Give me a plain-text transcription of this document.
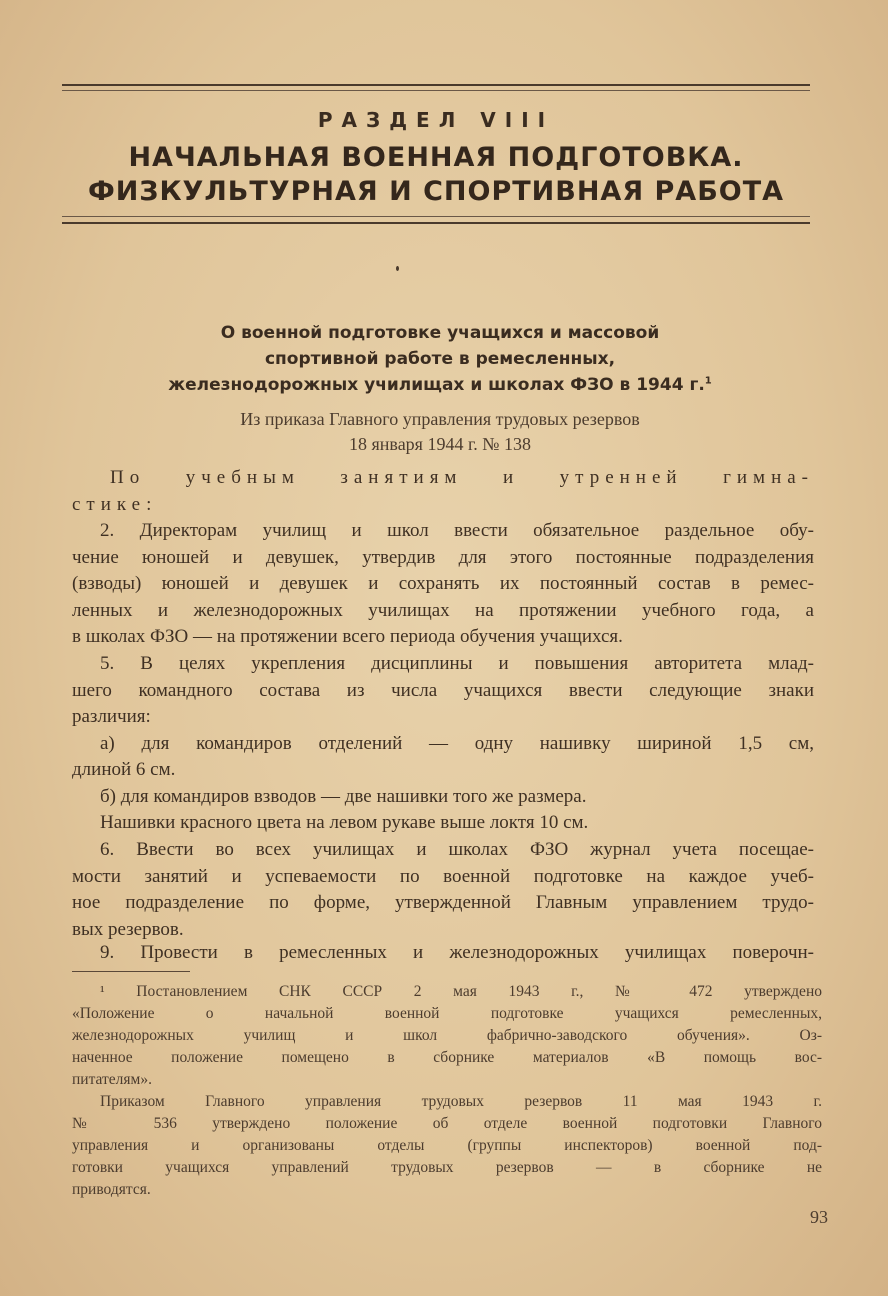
РАЗДЕЛ VIII
НАЧАЛЬНАЯ ВОЕННАЯ ПОДГОТОВКА.
ФИЗКУЛЬТУРНАЯ И СПОРТИВНАЯ РАБОТА
О военной подготовке учащихся и массовой
спортивной работе в ремесленных,
железнодорожных училищах и школах ФЗО в 1944 г.$^1$
Из приказа Главного управления трудовых резервов
18 января 1944 г. № 138
По учебным занятиям и утренней гимна-
стике:
2. Директорам училищ и школ ввести обязательное раздельное обу-
чение юношей и девушек, утвердив для этого постоянные подразделения
(взводы) юношей и девушек и сохранять их постоянный состав в ремес-
ленных и железнодорожных училищах на протяжении учебного года, а
в школах ФЗО — на протяжении всего периода обучения учащихся.
5. В целях укрепления дисциплины и повышения авторитета млад-
шего командного состава из числа учащихся ввести следующие знаки
различия:
а) для командиров отделений — одну нашивку шириной 1,5 см,
длиной 6 см.
б) для командиров взводов — две нашивки того же размера.
Нашивки красного цвета на левом рукаве выше локтя 10 см.
6. Ввести во всех училищах и школах ФЗО журнал учета посещае-
мости занятий и успеваемости по военной подготовке на каждое учеб-
ное подразделение по форме, утвержденной Главным управлением трудо-
вых резервов.
9. Провести в ремесленных и железнодорожных училищах поверочн-
¹ Постановлением СНК СССР 2 мая 1943 г., № 472 утверждено
«Положение о начальной военной подготовке учащихся ремесленных,
железнодорожных училищ и школ фабрично-заводского обучения». Оз-
наченное положение помещено в сборнике материалов «В помощь вос-
питателям».
Приказом Главного управления трудовых резервов 11 мая 1943 г.
№ 536 утверждено положение об отделе военной подготовки Главного
управления и организованы отделы (группы инспекторов) военной под-
готовки учащихся управлений трудовых резервов — в сборнике не
приводятся.
93
